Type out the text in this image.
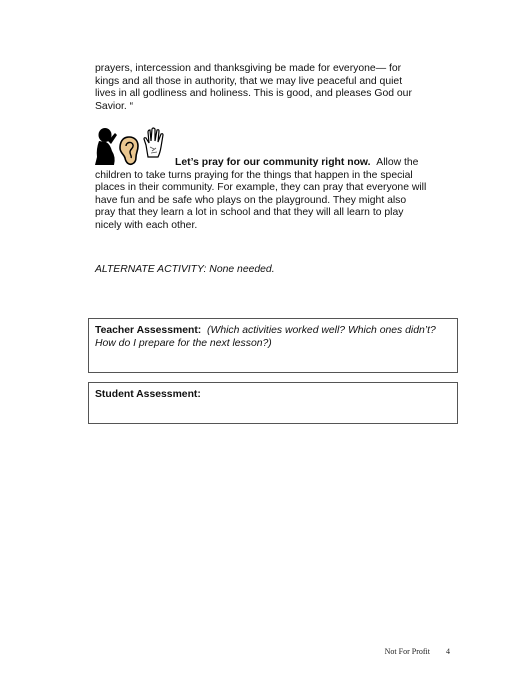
prayers, intercession and thanksgiving be made for everyone— for kings and all those in authority, that we may live peaceful and quiet lives in all godliness and holiness. This is good, and pleases God our Savior. “
Let’s pray for our community right now. Allow the
children to take turns praying for the things that happen in the special places in their community. For example, they can pray that everyone will have fun and be safe who plays on the playground. They might also pray that they learn a lot in school and that they will all learn to play nicely with each other.
ALTERNATE ACTIVITY: None needed.
Teacher Assessment: (Which activities worked well? Which ones didn’t? How do I prepare for the next lesson?)
Student Assessment:
Not For Profit 4
